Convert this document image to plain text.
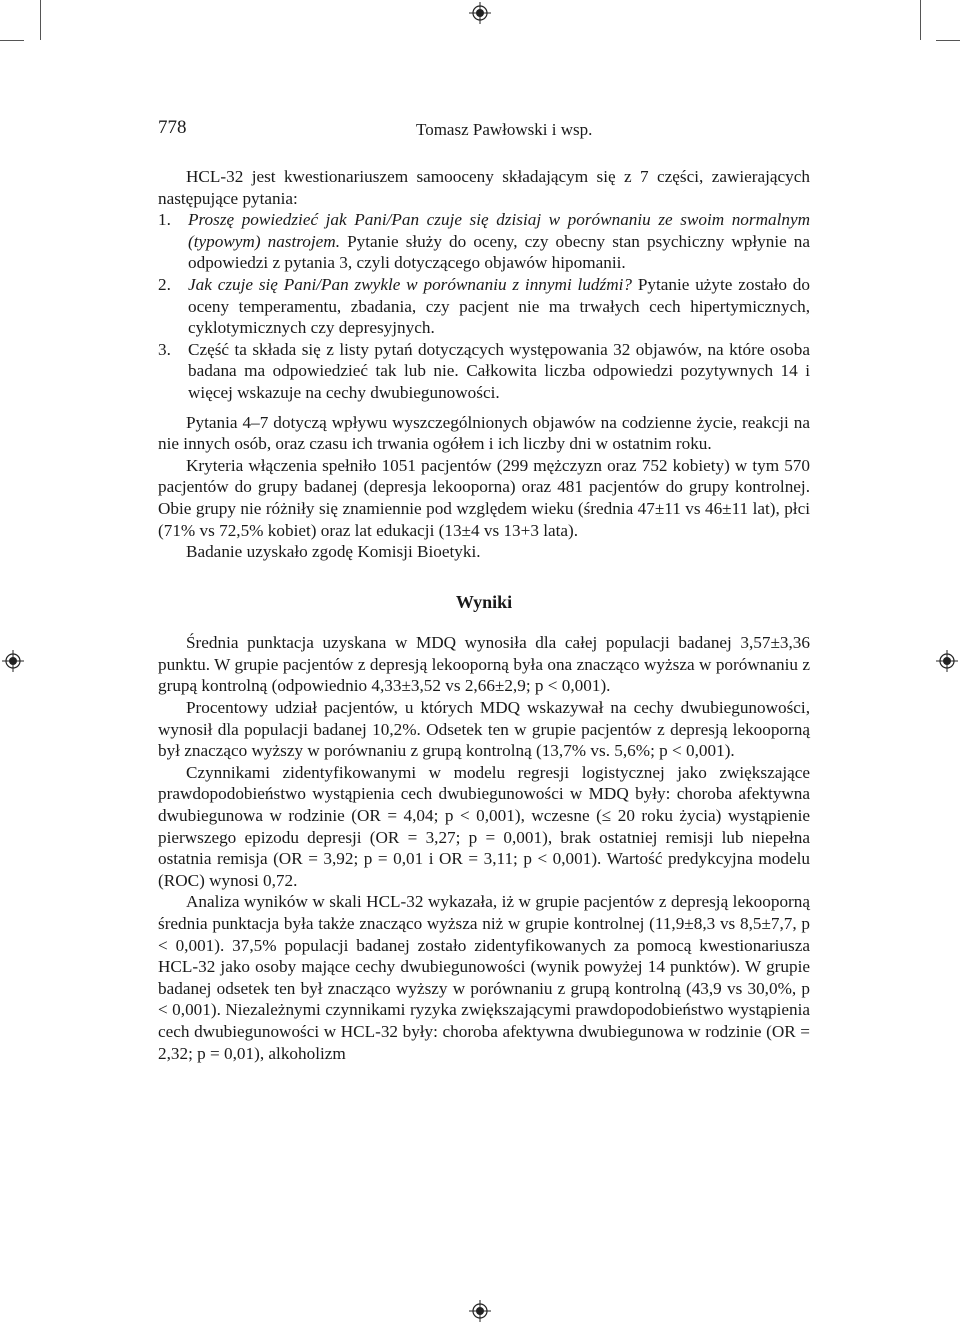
778	Tomasz Pawłowski i wsp.

HCL-32 jest kwestionariuszem samooceny składającym się z 7 części, zawierających następujące pytania:

1. Proszę powiedzieć jak Pani/Pan czuje się dzisiaj w porównaniu ze swoim normalnym (typowym) nastrojem. Pytanie służy do oceny, czy obecny stan psychiczny wpłynie na odpowiedzi z pytania 3, czyli dotyczącego objawów hipomanii.
2. Jak czuje się Pani/Pan zwykle w porównaniu z innymi ludźmi? Pytanie użyte zostało do oceny temperamentu, zbadania, czy pacjent nie ma trwałych cech hipertymicznych, cyklotymicznych czy depresyjnych.
3. Część ta składa się z listy pytań dotyczących występowania 32 objawów, na które osoba badana ma odpowiedzieć tak lub nie. Całkowita liczba odpowiedzi pozytywnych 14 i więcej wskazuje na cechy dwubiegunowości.

Pytania 4–7 dotyczą wpływu wyszczególnionych objawów na codzienne życie, reakcji na nie innych osób, oraz czasu ich trwania ogółem i ich liczby dni w ostatnim roku.

Kryteria włączenia spełniło 1051 pacjentów (299 mężczyzn oraz 752 kobiety) w tym 570 pacjentów do grupy badanej (depresja lekooporna) oraz 481 pacjentów do grupy kontrolnej. Obie grupy nie różniły się znamiennie pod względem wieku (średnia 47±11 vs 46±11 lat), płci (71% vs 72,5% kobiet) oraz lat edukacji (13±4 vs 13+3 lata).

Badanie uzyskało zgodę Komisji Bioetyki.

Wyniki

Średnia punktacja uzyskana w MDQ wynosiła dla całej populacji badanej 3,57±3,36 punktu. W grupie pacjentów z depresją lekooporną była ona znacząco wyższa w porównaniu z grupą kontrolną (odpowiednio 4,33±3,52 vs 2,66±2,9; p < 0,001).

Procentowy udział pacjentów, u których MDQ wskazywał na cechy dwubiegunowości, wynosił dla populacji badanej 10,2%. Odsetek ten w grupie pacjentów z depresją lekooporną był znacząco wyższy w porównaniu z grupą kontrolną (13,7% vs. 5,6%; p < 0,001).

Czynnikami zidentyfikowanymi w modelu regresji logistycznej jako zwiększające prawdopodobieństwo wystąpienia cech dwubiegunowości w MDQ były: choroba afektywna dwubiegunowa w rodzinie (OR = 4,04; p < 0,001), wczesne (≤ 20 roku życia) wystąpienie pierwszego epizodu depresji (OR = 3,27; p = 0,001), brak ostatniej remisji lub niepełna ostatnia remisja (OR = 3,92; p = 0,01 i OR = 3,11; p < 0,001). Wartość predykcyjna modelu (ROC) wynosi 0,72.

Analiza wyników w skali HCL-32 wykazała, iż w grupie pacjentów z depresją lekooporną średnia punktacja była także znacząco wyższa niż w grupie kontrolnej (11,9±8,3 vs 8,5±7,7, p < 0,001). 37,5% populacji badanej zostało zidentyfikowanych za pomocą kwestionariusza HCL-32 jako osoby mające cechy dwubiegunowości (wynik powyżej 14 punktów). W grupie badanej odsetek ten był znacząco wyższy w porównaniu z grupą kontrolną (43,9 vs 30,0%, p < 0,001). Niezależnymi czynnikami ryzyka zwiększającymi prawdopodobieństwo wystąpienia cech dwubiegunowości w HCL-32 były: choroba afektywna dwubiegunowa w rodzinie (OR = 2,32; p = 0,01), alkoholizm
